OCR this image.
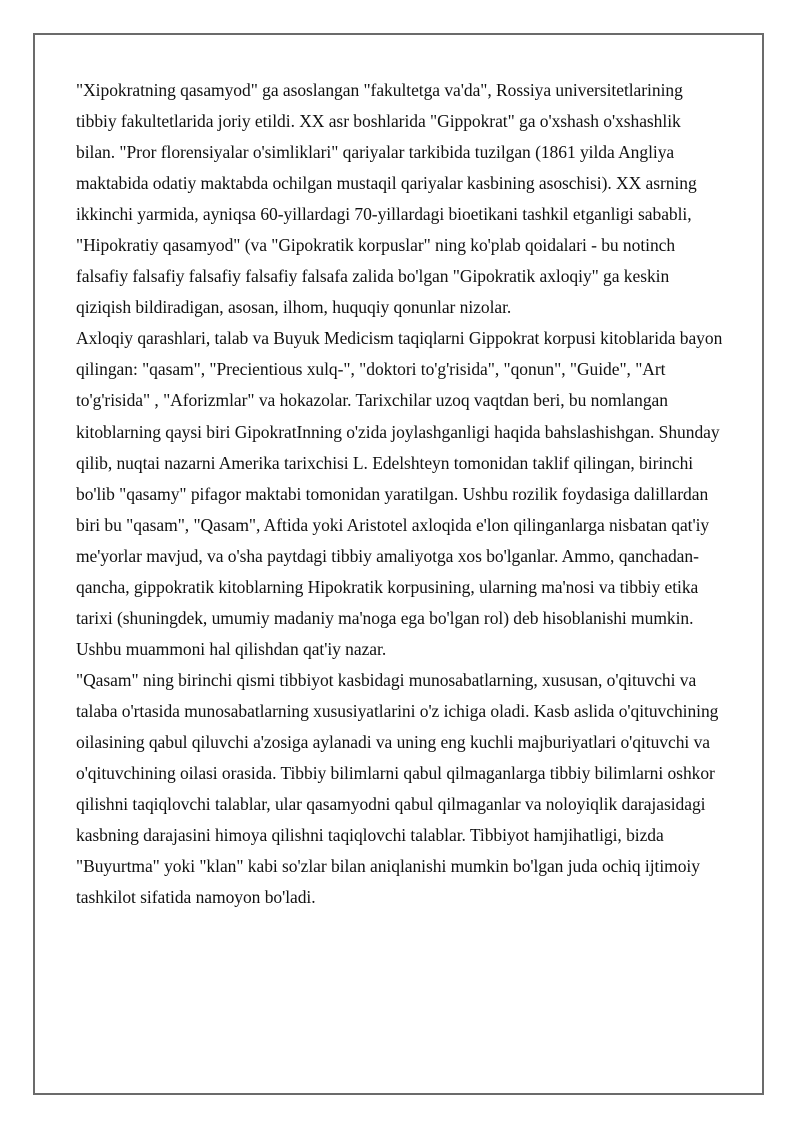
"Xipokratning qasamyod" ga asoslangan "fakultetga va'da", Rossiya universitetlarining tibbiy fakultetlarida joriy etildi. XX asr boshlarida "Gippokrat" ga o'xshash o'xshashlik bilan. "Pror florensiyalar o'simliklari" qariyalar tarkibida tuzilgan (1861 yilda Angliya maktabida odatiy maktabda ochilgan mustaqil qariyalar kasbining asoschisi). XX asrning ikkinchi yarmida, ayniqsa 60-yillardagi 70-yillardagi bioetikani tashkil etganligi sababli, "Hipokratiy qasamyod" (va "Gipokratik korpuslar" ning ko'plab qoidalari - bu notinch falsafiy falsafiy falsafiy falsafiy falsafa zalida bo'lgan "Gipokratik axloqiy" ga keskin qiziqish bildiradigan, asosan, ilhom, huquqiy qonunlar nizolar.

Axloqiy qarashlari, talab va Buyuk Medicism taqiqlarni Gippokrat korpusi kitoblarida bayon qilingan: "qasam", "Precientious xulq-", "doktori to'g'risida", "qonun", "Guide", "Art to'g'risida" , "Aforizmlar" va hokazolar. Tarixchilar uzoq vaqtdan beri, bu nomlangan kitoblarning qaysi biri GipokratInning o'zida joylashganligi haqida bahslashishgan. Shunday qilib, nuqtai nazarni Amerika tarixchisi L. Edelshteyn tomonidan taklif qilingan, birinchi bo'lib "qasamy" pifagor maktabi tomonidan yaratilgan. Ushbu rozilik foydasiga dalillardan biri bu "qasam", "Qasam", Aftida yoki Aristotel axloqida e'lon qilinganlarga nisbatan qat'iy me'yorlar mavjud, va o'sha paytdagi tibbiy amaliyotga xos bo'lganlar. Ammo, qanchadan-qancha, gippokratik kitoblarning Hipokratik korpusining, ularning ma'nosi va tibbiy etika tarixi (shuningdek, umumiy madaniy ma'noga ega bo'lgan rol) deb hisoblanishi mumkin. Ushbu muammoni hal qilishdan qat'iy nazar.

"Qasam" ning birinchi qismi tibbiyot kasbidagi munosabatlarning, xususan, o'qituvchi va talaba o'rtasida munosabatlarning xususiyatlarini o'z ichiga oladi. Kasb aslida o'qituvchining oilasining qabul qiluvchi a'zosiga aylanadi va uning eng kuchli majburiyatlari o'qituvchi va o'qituvchining oilasi orasida. Tibbiy bilimlarni qabul qilmaganlarga tibbiy bilimlarni oshkor qilishni taqiqlovchi talablar, ular qasamyodni qabul qilmaganlar va noloyiqlik darajasidagi kasbning darajasini himoya qilishni taqiqlovchi talablar. Tibbiyot hamjihatligi, bizda "Buyurtma" yoki "klan" kabi so'zlar bilan aniqlanishi mumkin bo'lgan juda ochiq ijtimoiy tashkilot sifatida namoyon bo'ladi.
